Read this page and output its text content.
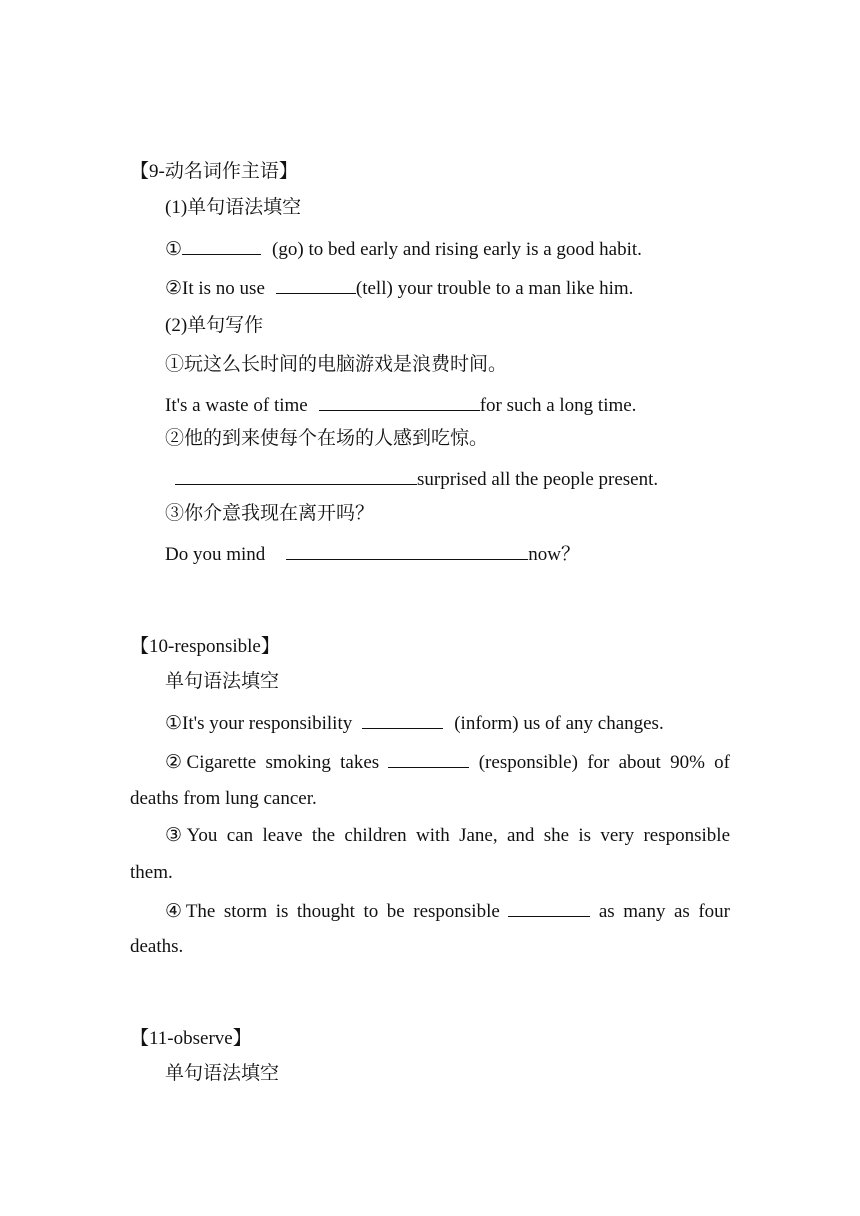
【9-动名词作主语】
(1)单句语法填空
①	(go) to bed early and rising early is a good habit.
②It is no use	(tell) your trouble to a man like him.
(2)单句写作
①玩这么长时间的电脑游戏是浪费时间。
It's a waste of time	for such a long time.
②他的到来使每个在场的人感到吃惊。
surprised all the people present.
③你介意我现在离开吗？
Do you mind	now？
【10-responsible】
单句语法填空
①It's your responsibility	(inform) us of any changes.
②Cigarette smoking takes	(responsible) for about 90% of
deaths from lung cancer.
③You can leave the children with Jane, and she is very responsible
them.
④The storm is thought to be responsible	as many as four
deaths.
【11-observe】
单句语法填空
